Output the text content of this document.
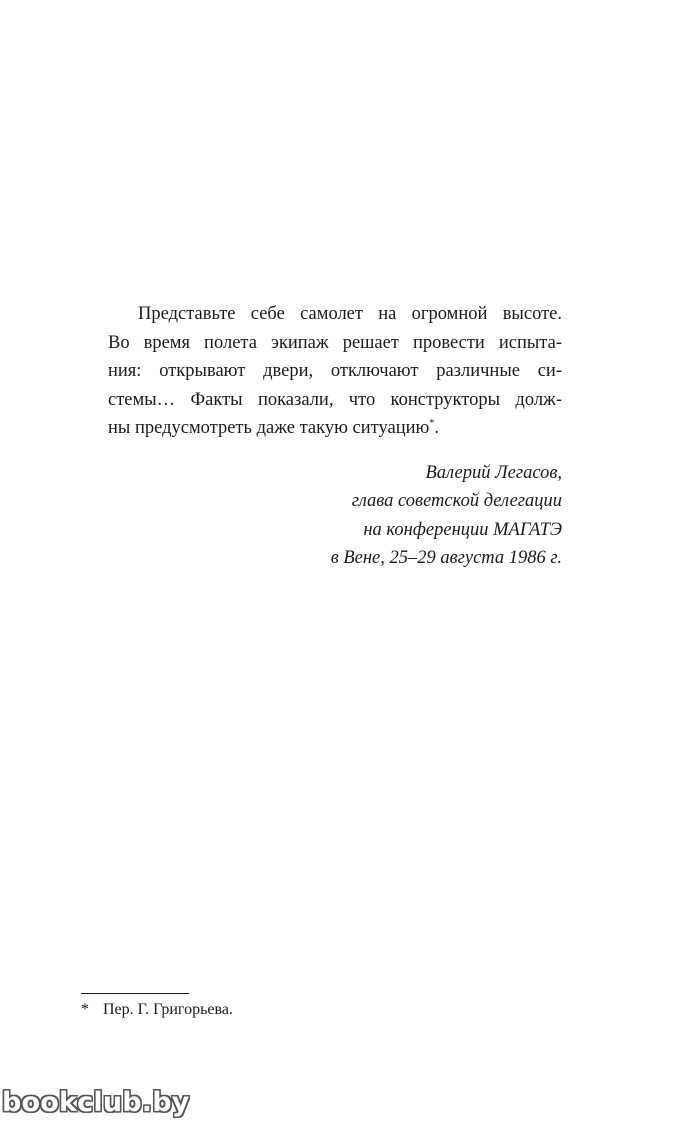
Представьте себе самолет на огромной высоте.
Во время полета экипаж решает провести испыта-
ния: открывают двери, отключают различные си-
стемы… Факты показали, что конструкторы долж-
ны предусмотреть даже такую ситуацию*.

Валерий Легасов,
глава советской делегации
на конференции МАГАТЭ
в Вене, 25–29 августа 1986 г.
* Пер. Г. Григорьева.
bookclub.by
